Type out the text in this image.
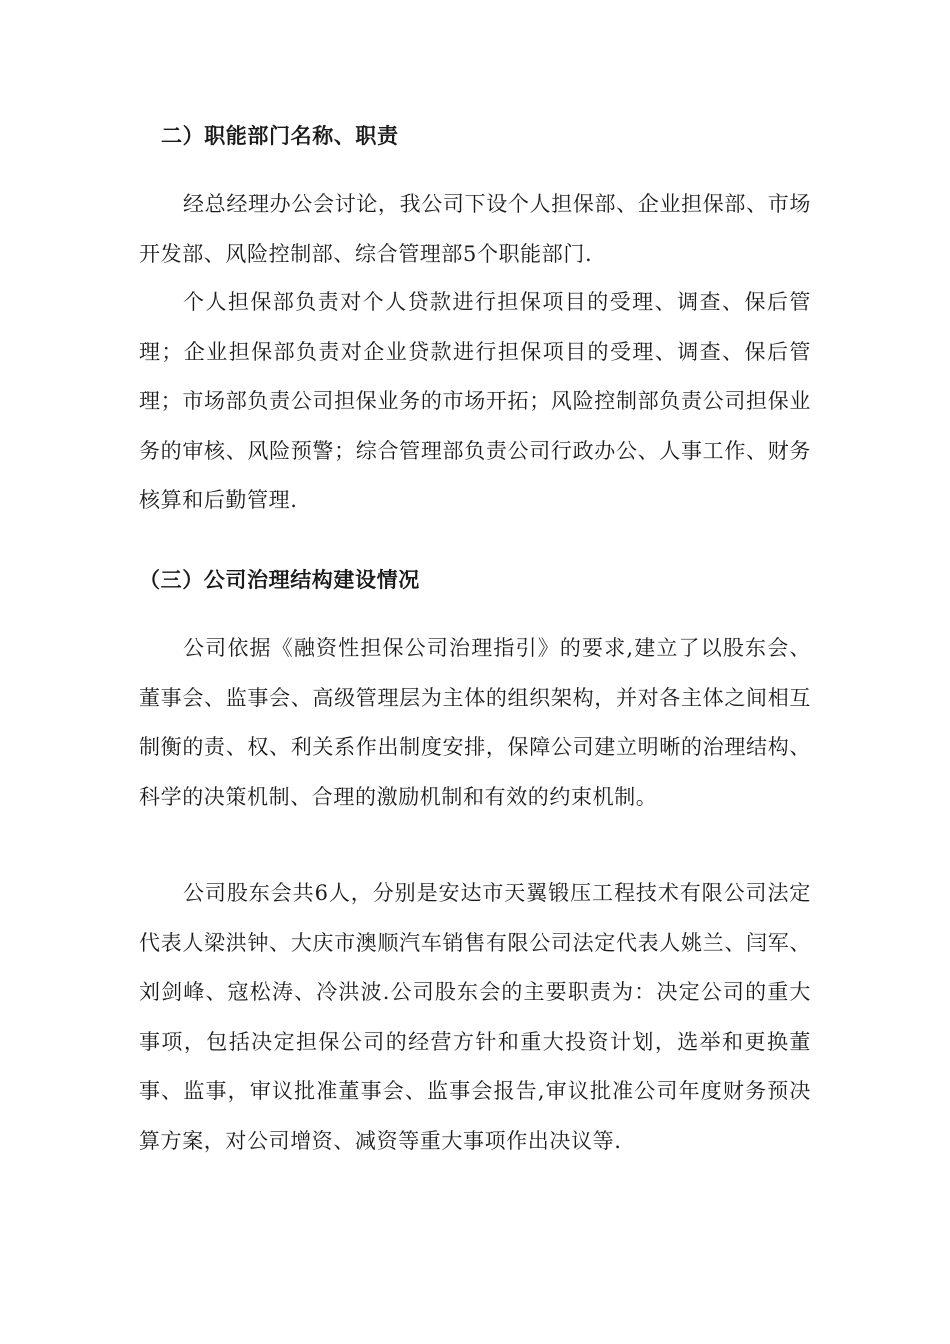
二）职能部门名称、职责

经总经理办公会讨论，我公司下设个人担保部、企业担保部、市场开发部、风险控制部、综合管理部5个职能部门.

个人担保部负责对个人贷款进行担保项目的受理、调查、保后管理；企业担保部负责对企业贷款进行担保项目的受理、调查、保后管理；市场部负责公司担保业务的市场开拓；风险控制部负责公司担保业务的审核、风险预警；综合管理部负责公司行政办公、人事工作、财务核算和后勤管理.

（三）公司治理结构建设情况

公司依据《融资性担保公司治理指引》的要求,建立了以股东会、董事会、监事会、高级管理层为主体的组织架构，并对各主体之间相互制衡的责、权、利关系作出制度安排，保障公司建立明晰的治理结构、科学的决策机制、合理的激励机制和有效的约束机制。

公司股东会共6人，分别是安达市天翼锻压工程技术有限公司法定代表人梁洪钟、大庆市澳顺汽车销售有限公司法定代表人姚兰、闫军、刘剑峰、寇松涛、冷洪波.公司股东会的主要职责为：决定公司的重大事项，包括决定担保公司的经营方针和重大投资计划，选举和更换董事、监事，审议批准董事会、监事会报告,审议批准公司年度财务预决算方案，对公司增资、减资等重大事项作出决议等.
